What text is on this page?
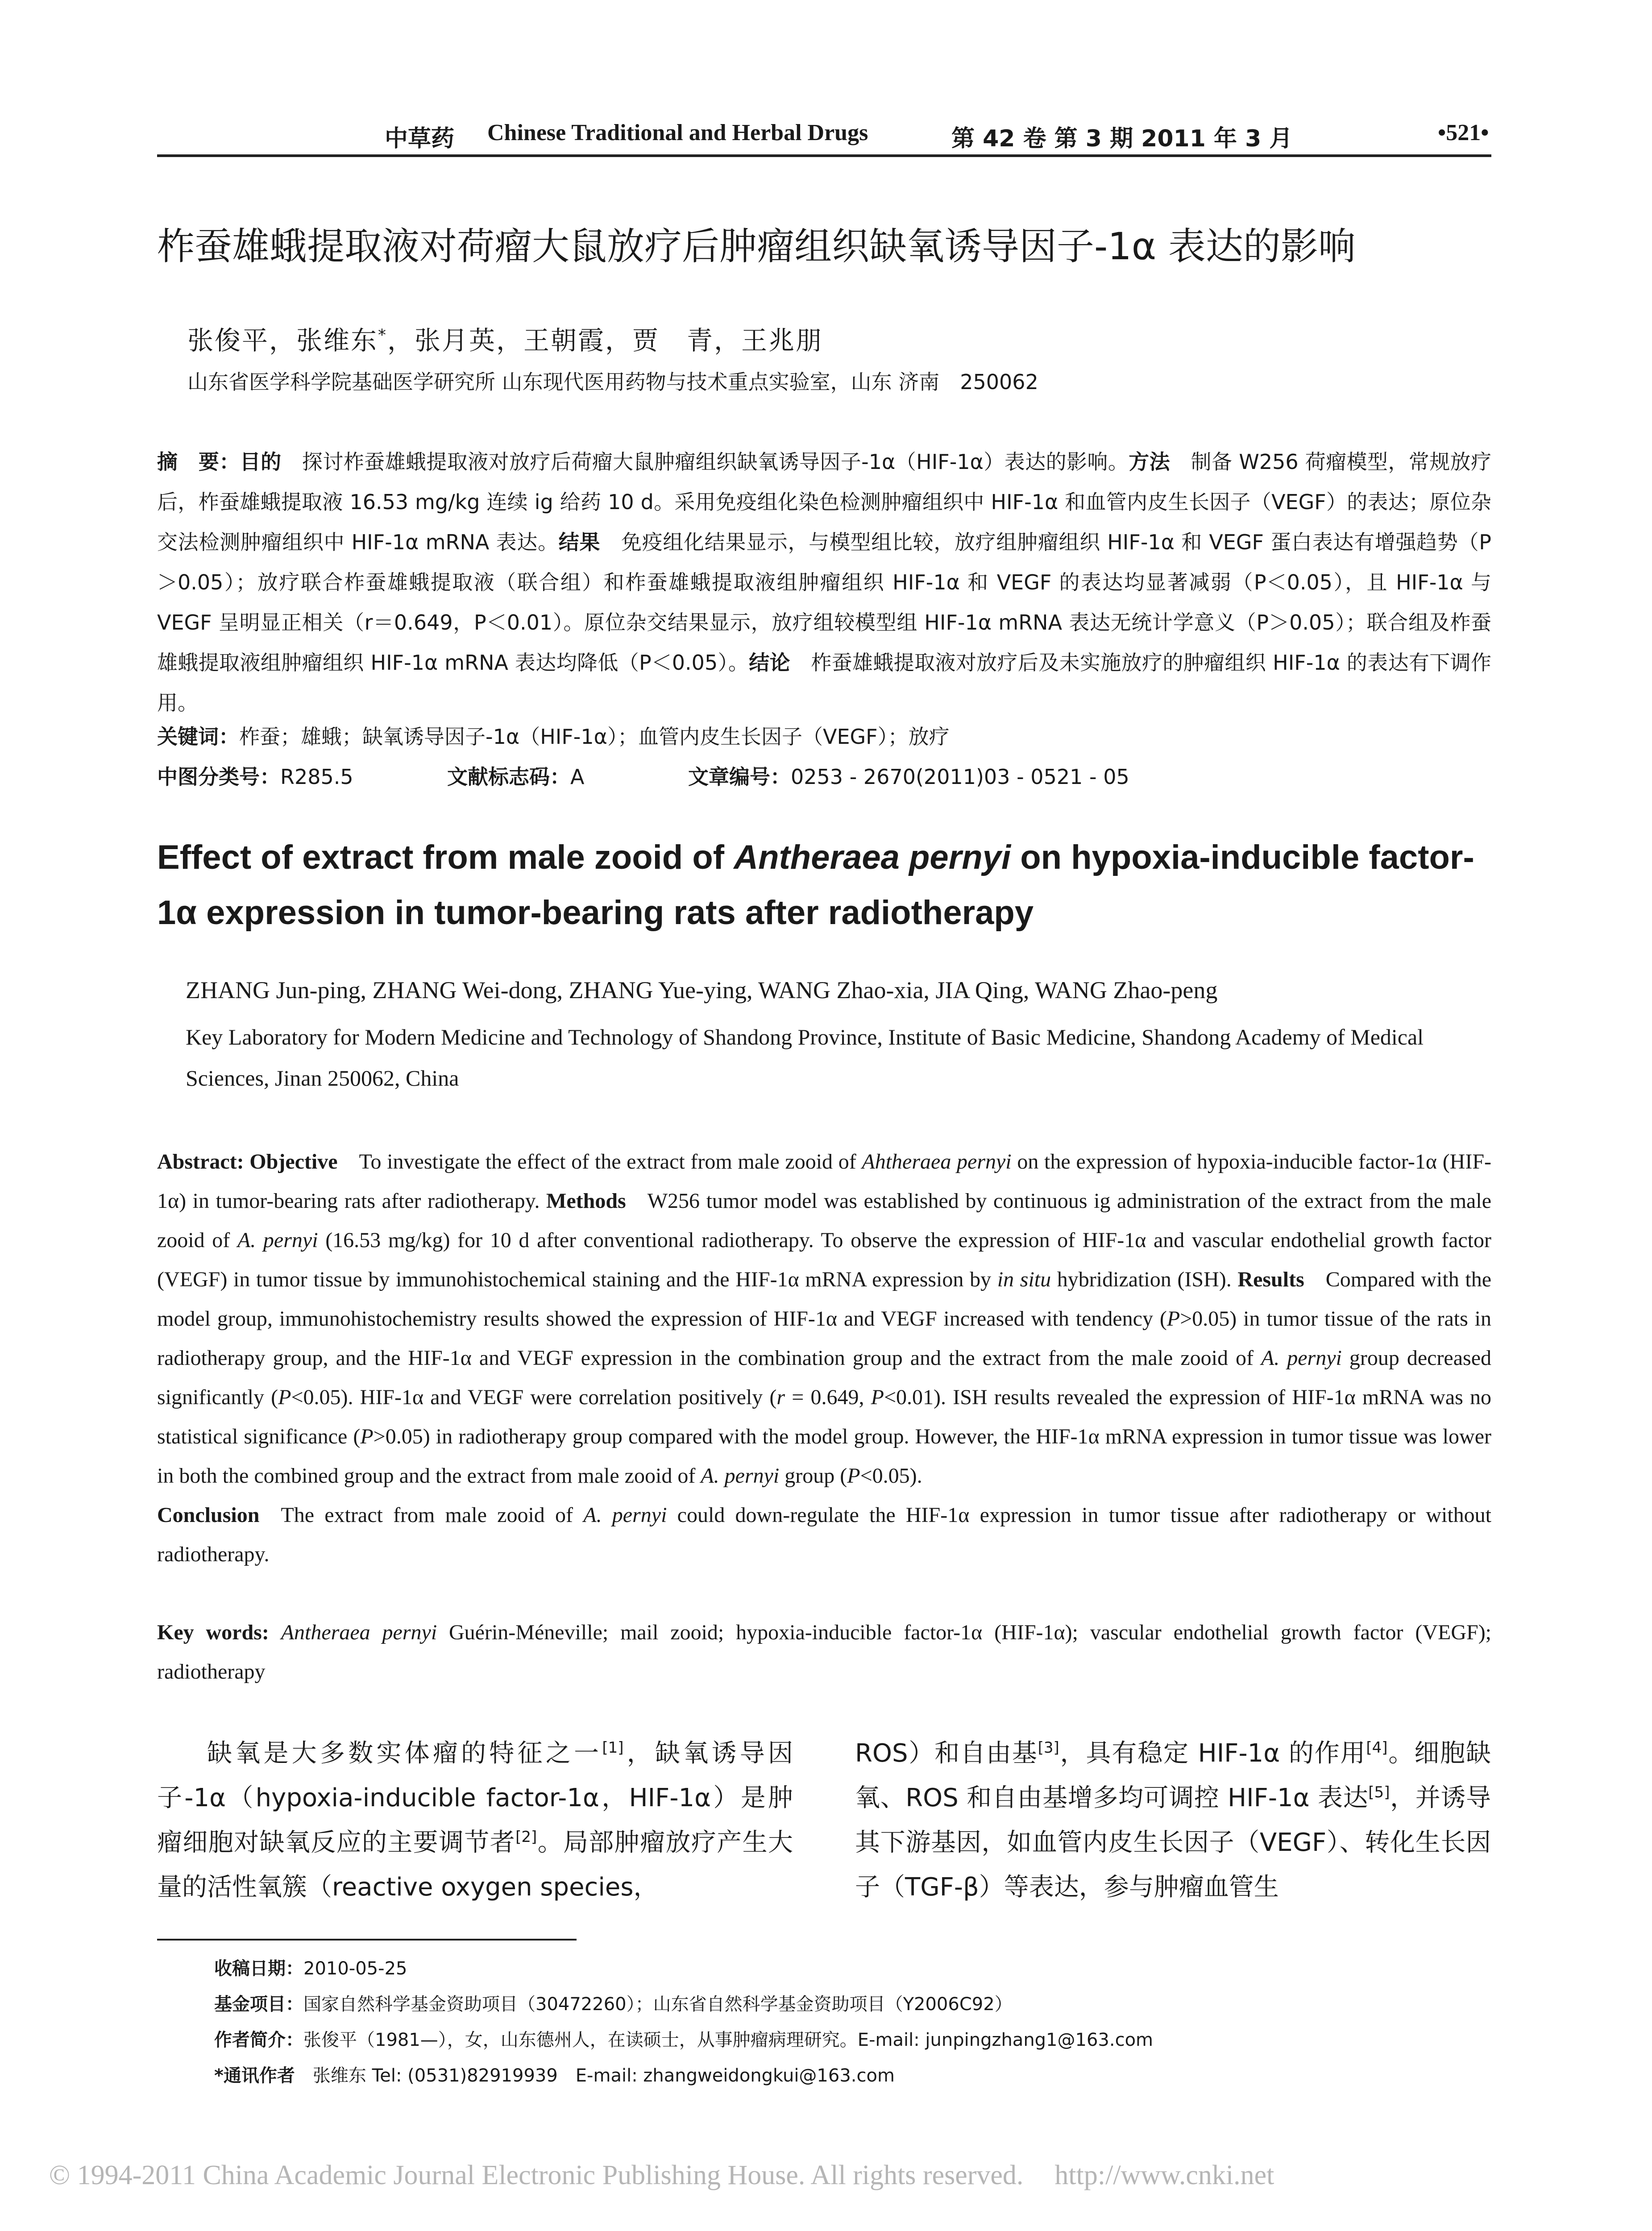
中草药 Chinese Traditional and Herbal Drugs	第 42 卷 第 3 期 2011 年 3 月	•521•
柞蚕雄蛾提取液对荷瘤大鼠放疗后肿瘤组织缺氧诱导因子-1α 表达的影响
张俊平，张维东*，张月英，王朝霞，贾　青，王兆朋
山东省医学科学院基础医学研究所 山东现代医用药物与技术重点实验室，山东 济南　250062

摘　要：目的　探讨柞蚕雄蛾提取液对放疗后荷瘤大鼠肿瘤组织缺氧诱导因子-1α（HIF-1α）表达的影响。方法　制备 W256 荷瘤模型，常规放疗后，柞蚕雄蛾提取液 16.53 mg/kg 连续 ig 给药 10 d。采用免疫组化染色检测肿瘤组织中 HIF-1α 和血管内皮生长因子（VEGF）的表达；原位杂交法检测肿瘤组织中 HIF-1α mRNA 表达。结果　免疫组化结果显示，与模型组比较，放疗组肿瘤组织 HIF-1α 和 VEGF 蛋白表达有增强趋势（P＞0.05）；放疗联合柞蚕雄蛾提取液（联合组）和柞蚕雄蛾提取液组肿瘤组织 HIF-1α 和 VEGF 的表达均显著减弱（P＜0.05），且 HIF-1α 与 VEGF 呈明显正相关（r＝0.649，P＜0.01）。原位杂交结果显示，放疗组较模型组 HIF-1α mRNA 表达无统计学意义（P＞0.05）；联合组及柞蚕雄蛾提取液组肿瘤组织 HIF-1α mRNA 表达均降低（P＜0.05）。结论　柞蚕雄蛾提取液对放疗后及未实施放疗的肿瘤组织 HIF-1α 的表达有下调作用。

关键词：柞蚕；雄蛾；缺氧诱导因子-1α（HIF-1α）；血管内皮生长因子（VEGF）；放疗
中图分类号：R285.5	文献标志码：A	文章编号：0253 - 2670(2011)03 - 0521 - 05
Effect of extract from male zooid of Antheraea pernyi on hypoxia-inducible factor-1α expression in tumor-bearing rats after radiotherapy
ZHANG Jun-ping, ZHANG Wei-dong, ZHANG Yue-ying, WANG Zhao-xia, JIA Qing, WANG Zhao-peng
Key Laboratory for Modern Medicine and Technology of Shandong Province, Institute of Basic Medicine, Shandong Academy of Medical Sciences, Jinan 250062, China

Abstract: Objective  To investigate the effect of the extract from male zooid of Ahtheraea pernyi on the expression of hypoxia-inducible factor-1α (HIF-1α) in tumor-bearing rats after radiotherapy. Methods  W256 tumor model was established by continuous ig administration of the extract from the male zooid of A. pernyi (16.53 mg/kg) for 10 d after conventional radiotherapy. To observe the expression of HIF-1α and vascular endothelial growth factor (VEGF) in tumor tissue by immunohistochemical staining and the HIF-1α mRNA expression by in situ hybridization (ISH). Results  Compared with the model group, immunohistochemistry results showed the expression of HIF-1α and VEGF increased with tendency (P>0.05) in tumor tissue of the rats in radiotherapy group, and the HIF-1α and VEGF expression in the combination group and the extract from the male zooid of A. pernyi group decreased significantly (P<0.05). HIF-1α and VEGF were correlation positively (r = 0.649, P<0.01). ISH results revealed the expression of HIF-1α mRNA was no statistical significance (P>0.05) in radiotherapy group compared with the model group. However, the HIF-1α mRNA expression in tumor tissue was lower in both the combined group and the extract from male zooid of A. pernyi group (P<0.05).
Conclusion  The extract from male zooid of A. pernyi could down-regulate the HIF-1α expression in tumor tissue after radiotherapy or without radiotherapy.

Key words: Antheraea pernyi Guérin-Méneville; mail zooid; hypoxia-inducible factor-1α (HIF-1α); vascular endothelial growth factor (VEGF); radiotherapy

缺氧是大多数实体瘤的特征之一[1]，缺氧诱导因子-1α（hypoxia-inducible factor-1α，HIF-1α）是肿瘤细胞对缺氧反应的主要调节者[2]。局部肿瘤放疗产生大量的活性氧簇（reactive oxygen species，

ROS）和自由基[3]，具有稳定 HIF-1α 的作用[4]。细胞缺氧、ROS 和自由基增多均可调控 HIF-1α 表达[5]，并诱导其下游基因，如血管内皮生长因子（VEGF）、转化生长因子（TGF-β）等表达，参与肿瘤血管生

收稿日期：2010-05-25
基金项目：国家自然科学基金资助项目（30472260）；山东省自然科学基金资助项目（Y2006C92）
作者简介：张俊平（1981—），女，山东德州人，在读硕士，从事肿瘤病理研究。E-mail: junpingzhang1@163.com
*通讯作者　张维东 Tel: (0531)82919939　E-mail: zhangweidongkui@163.com
© 1994-2011 China Academic Journal Electronic Publishing House. All rights reserved. http://www.cnki.net
